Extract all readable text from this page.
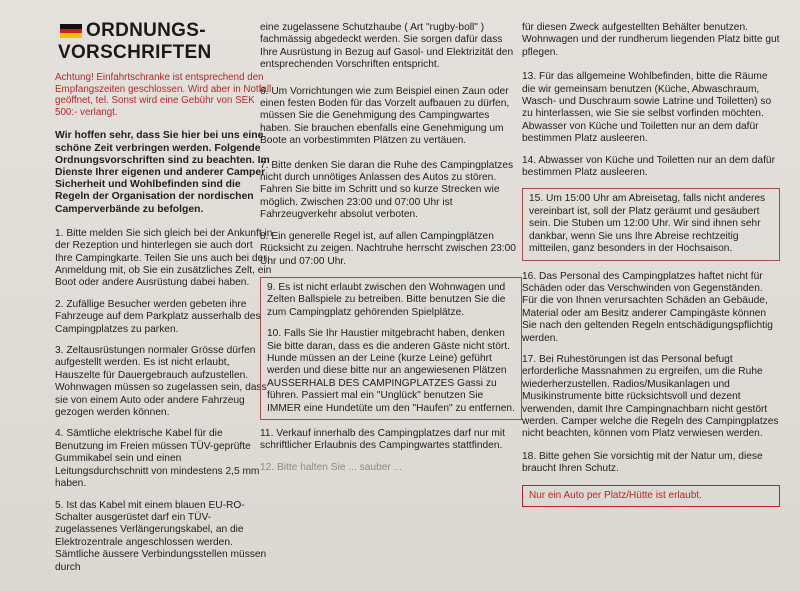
ORDNUNGS-
VORSCHRIFTEN

Achtung! Einfahrtschranke ist entsprechend den Empfangszeiten geschlossen. Wird aber in Notfall geöffnet, tel. Sonst wird eine Gebühr von SEK 500:- verlangt.

Wir hoffen sehr, dass Sie hier bei uns eine schöne Zeit verbringen werden. Folgende Ordnungsvorschriften sind zu beachten. Im Dienste Ihrer eigenen und anderer Camper Sicherheit und Wohlbefinden sind die Regeln der Organisation der nordischen Camperverbände zu befolgen.

1. Bitte melden Sie sich gleich bei der Ankunft in der Rezeption und hinterlegen sie auch dort Ihre Campingkarte. Teilen Sie uns auch bei der Anmeldung mit, ob Sie ein zusätzliches Zelt, ein Boot oder andere Ausrüstung dabei haben.

2. Zufällige Besucher werden gebeten ihre Fahrzeuge auf dem Parkplatz ausserhalb des Campingplatzes zu parken.

3. Zeltausrüstungen normaler Grösse dürfen aufgestellt werden. Es ist nicht erlaubt, Hauszelte für Dauergebrauch aufzustellen. Wohnwagen müssen so zugelassen sein, dass sie von einem Auto oder andere Fahrzeug gezogen werden können.

4. Sämtliche elektrische Kabel für die Benutzung im Freien müssen TÜV-geprüfte Gummikabel sein und einen Leitungsdurchschnitt von mindestens 2,5 mm haben.

5. Ist das Kabel mit einem blauen EU-RO-Schalter ausgerüstet darf ein TÜV-zugelassenes Verlängerungskabel, an die Elektrozentrale angeschlossen werden. Sämtliche äussere Verbindungsstellen müssen durch

eine zugelassene Schutzhaube ( Art "rugby-boll" ) fachmässig abgedeckt werden. Sie sorgen dafür dass Ihre Ausrüstung in Bezug auf Gasol- und Elektrizität den entsprechenden Vorschriften entspricht.

6. Um Vorrichtungen wie zum Beispiel einen Zaun oder einen festen Boden für das Vorzelt aufbauen zu dürfen, müssen Sie die Genehmigung des Campingwartes haben. Sie brauchen ebenfalls eine Genehmigung um Boote an vorbestimmten Plätzen zu vertäuen.

7. Bitte denken Sie daran die Ruhe des Campingplatzes nicht durch unnötiges Anlassen des Autos zu stören. Fahren Sie bitte im Schritt und so kurze Strecken wie möglich. Zwischen 23:00 und 07:00 Uhr ist Fahrzeugverkehr absolut verboten.

8. Ein generelle Regel ist, auf allen Campingplätzen Rücksicht zu zeigen. Nachtruhe herrscht zwischen 23:00 Uhr und 07:00 Uhr.

9. Es ist nicht erlaubt zwischen den Wohnwagen und Zelten Ballspiele zu betreiben. Bitte benutzen Sie die zum Campingplatz gehörenden Spielplätze.

10. Falls Sie Ihr Haustier mitgebracht haben, denken Sie bitte daran, dass es die anderen Gäste nicht stört. Hunde müssen an der Leine (kurze Leine) geführt werden und diese bitte nur an angewiesenen Plätzen AUSSERHALB DES CAMPINGPLATZES Gassi zu führen. Passiert mal ein "Unglück" benutzen Sie IMMER eine Hundetüte um den "Haufen" zu entfernen.

11. Verkauf innerhalb des Campingplatzes darf nur mit schriftlicher Erlaubnis des Campingwartes stattfinden.

12. Bitte halten Sie ... sauber ...

für diesen Zweck aufgestellten Behälter benutzen. Wohnwagen und der rundherum liegenden Platz bitte gut pflegen.

13. Für das allgemeine Wohlbefinden, bitte die Räume die wir gemeinsam benutzen (Küche, Abwaschraum, Wasch- und Duschraum sowie Latrine und Toiletten) so zu hinterlassen, wie Sie sie selbst vorfinden möchten. Abwasser von Küche und Toiletten nur an dem dafür bestimmen Platz ausleeren.

14. Abwasser von Küche und Toiletten nur an dem dafür bestimmen Platz ausleeren.

15. Um 15:00 Uhr am Abreisetag, falls nicht anderes vereinbart ist, soll der Platz geräumt und gesäubert sein. Die Stuben um 12:00 Uhr. Wir sind ihnen sehr dankbar, wenn Sie uns Ihre Abreise rechtzeitig mitteilen, ganz besonders in der Hochsaison.

16. Das Personal des Campingplatzes haftet nicht für Schäden oder das Verschwinden von Gegenständen. Für die von Ihnen verursachten Schäden an Gebäude, Material oder am Besitz anderer Campingäste können Sie nach den geltenden Regeln entschädigungspflichtig werden.

17. Bei Ruhestörungen ist das Personal befugt erforderliche Massnahmen zu ergreifen, um die Ruhe wiederherzustellen. Radios/Musikanlagen und Musikinstrumente bitte rücksichtsvoll und dezent verwenden, damit Ihre Campingnachbarn nicht gestört werden. Camper welche die Regeln des Campingplatzes nicht beachten, können vom Platz verwiesen werden.

18. Bitte gehen Sie vorsichtig mit der Natur um, diese braucht Ihren Schutz.

Nur ein Auto per Platz/Hütte ist erlaubt.
